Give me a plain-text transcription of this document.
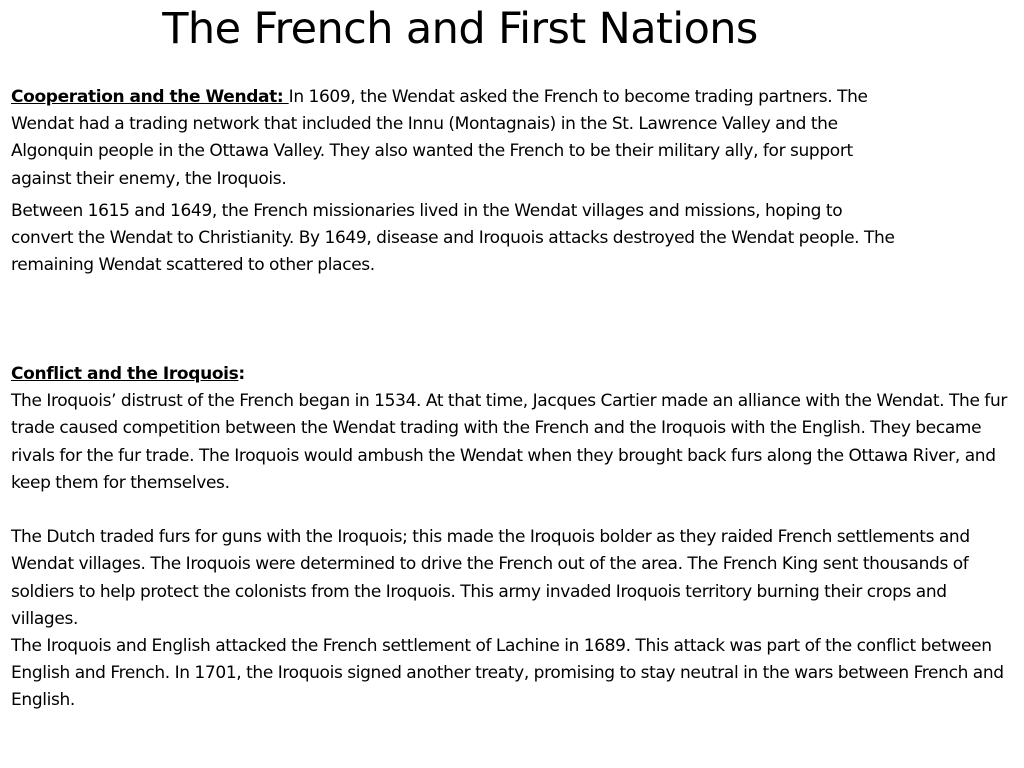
The French and First Nations

Cooperation and the Wendat: In 1609, the Wendat asked the French to become trading partners. The Wendat had a trading network that included the Innu (Montagnais) in the St. Lawrence Valley and the Algonquin people in the Ottawa Valley. They also wanted the French to be their military ally, for support against their enemy, the Iroquois.

Between 1615 and 1649, the French missionaries lived in the Wendat villages and missions, hoping to convert the Wendat to Christianity. By 1649, disease and Iroquois attacks destroyed the Wendat people. The remaining Wendat scattered to other places.

Conflict and the Iroquois:

The Iroquois’ distrust of the French began in 1534. At that time, Jacques Cartier made an alliance with the Wendat. The fur trade caused competition between the Wendat trading with the French and the Iroquois with the English. They became rivals for the fur trade. The Iroquois would ambush the Wendat when they brought back furs along the Ottawa River, and keep them for themselves.

The Dutch traded furs for guns with the Iroquois; this made the Iroquois bolder as they raided French settlements and Wendat villages. The Iroquois were determined to drive the French out of the area. The French King sent thousands of soldiers to help protect the colonists from the Iroquois. This army invaded Iroquois territory burning their crops and villages.

The Iroquois and English attacked the French settlement of Lachine in 1689. This attack was part of the conflict between English and French. In 1701, the Iroquois signed another treaty, promising to stay neutral in the wars between French and English.
